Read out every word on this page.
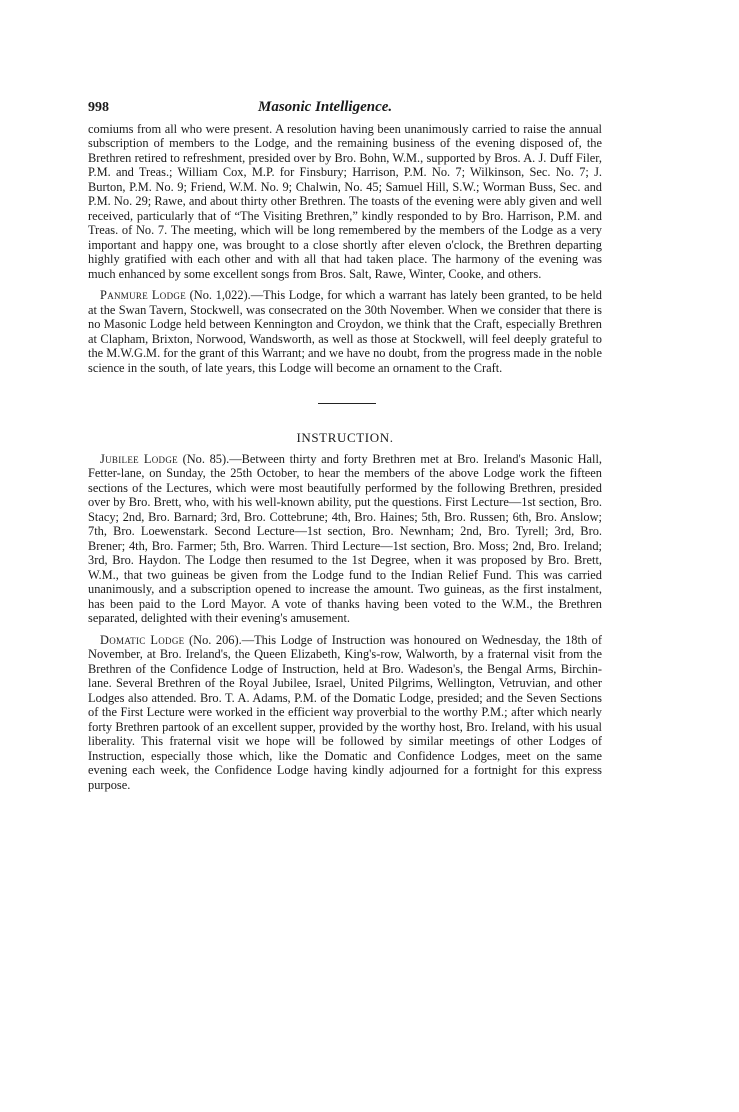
998	Masonic Intelligence.

comiums from all who were present. A resolution having been unanimously carried to raise the annual subscription of members to the Lodge, and the remaining business of the evening disposed of, the Brethren retired to refreshment, presided over by Bro. Bohn, W.M., supported by Bros. A. J. Duff Filer, P.M. and Treas.; William Cox, M.P. for Finsbury; Harrison, P.M. No. 7; Wilkinson, Sec. No. 7; J. Burton, P.M. No. 9; Friend, W.M. No. 9; Chalwin, No. 45; Samuel Hill, S.W.; Worman Buss, Sec. and P.M. No. 29; Rawe, and about thirty other Brethren. The toasts of the evening were ably given and well received, particularly that of “The Visiting Brethren,” kindly responded to by Bro. Harrison, P.M. and Treas. of No. 7. The meeting, which will be long remembered by the members of the Lodge as a very important and happy one, was brought to a close shortly after eleven o'clock, the Brethren departing highly gratified with each other and with all that had taken place. The harmony of the evening was much enhanced by some excellent songs from Bros. Salt, Rawe, Winter, Cooke, and others.

Panmure Lodge (No. 1,022).—This Lodge, for which a warrant has lately been granted, to be held at the Swan Tavern, Stockwell, was consecrated on the 30th November. When we consider that there is no Masonic Lodge held between Kennington and Croydon, we think that the Craft, especially Brethren at Clapham, Brixton, Norwood, Wandsworth, as well as those at Stockwell, will feel deeply grateful to the M.W.G.M. for the grant of this Warrant; and we have no doubt, from the progress made in the noble science in the south, of late years, this Lodge will become an ornament to the Craft.

INSTRUCTION.

Jubilee Lodge (No. 85).—Between thirty and forty Brethren met at Bro. Ireland's Masonic Hall, Fetter-lane, on Sunday, the 25th October, to hear the members of the above Lodge work the fifteen sections of the Lectures, which were most beautifully performed by the following Brethren, presided over by Bro. Brett, who, with his well-known ability, put the questions. First Lecture—1st section, Bro. Stacy; 2nd, Bro. Barnard; 3rd, Bro. Cottebrune; 4th, Bro. Haines; 5th, Bro. Russen; 6th, Bro. Anslow; 7th, Bro. Loewenstark. Second Lecture—1st section, Bro. Newnham; 2nd, Bro. Tyrell; 3rd, Bro. Brener; 4th, Bro. Farmer; 5th, Bro. Warren. Third Lecture—1st section, Bro. Moss; 2nd, Bro. Ireland; 3rd, Bro. Haydon. The Lodge then resumed to the 1st Degree, when it was proposed by Bro. Brett, W.M., that two guineas be given from the Lodge fund to the Indian Relief Fund. This was carried unanimously, and a subscription opened to increase the amount. Two guineas, as the first instalment, has been paid to the Lord Mayor. A vote of thanks having been voted to the W.M., the Brethren separated, delighted with their evening's amusement.

Domatic Lodge (No. 206).—This Lodge of Instruction was honoured on Wednesday, the 18th of November, at Bro. Ireland's, the Queen Elizabeth, King's-row, Walworth, by a fraternal visit from the Brethren of the Confidence Lodge of Instruction, held at Bro. Wadeson's, the Bengal Arms, Birchin-lane. Several Brethren of the Royal Jubilee, Israel, United Pilgrims, Wellington, Vetruvian, and other Lodges also attended. Bro. T. A. Adams, P.M. of the Domatic Lodge, presided; and the Seven Sections of the First Lecture were worked in the efficient way proverbial to the worthy P.M.; after which nearly forty Brethren partook of an excellent supper, provided by the worthy host, Bro. Ireland, with his usual liberality. This fraternal visit we hope will be followed by similar meetings of other Lodges of Instruction, especially those which, like the Domatic and Confidence Lodges, meet on the same evening each week, the Confidence Lodge having kindly adjourned for a fortnight for this express purpose.
